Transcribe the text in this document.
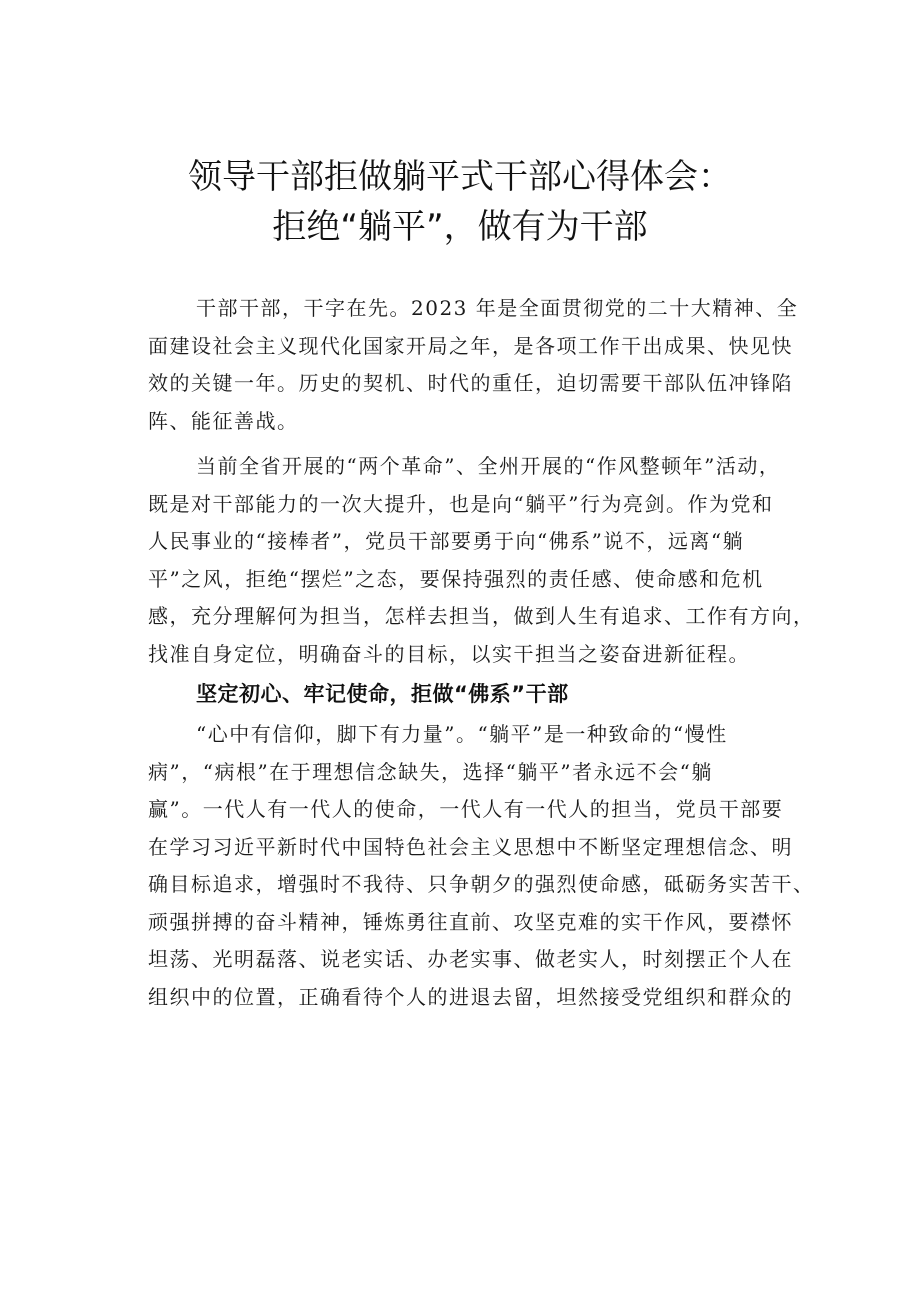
领导干部拒做躺平式干部心得体会：
拒绝“躺平”，做有为干部
干部干部，干字在先。2023 年是全面贯彻党的二十大精神、全
面建设社会主义现代化国家开局之年，是各项工作干出成果、快见快
效的关键一年。历史的契机、时代的重任，迫切需要干部队伍冲锋陷
阵、能征善战。
当前全省开展的“两个革命”、全州开展的“作风整顿年”活动，
既是对干部能力的一次大提升，也是向“躺平”行为亮剑。作为党和
人民事业的“接棒者”，党员干部要勇于向“佛系”说不，远离“躺
平”之风，拒绝“摆烂”之态，要保持强烈的责任感、使命感和危机
感，充分理解何为担当，怎样去担当，做到人生有追求、工作有方向，
找准自身定位，明确奋斗的目标，以实干担当之姿奋进新征程。
坚定初心、牢记使命，拒做“佛系”干部
“心中有信仰，脚下有力量”。“躺平”是一种致命的“慢性
病”，“病根”在于理想信念缺失，选择“躺平”者永远不会“躺
赢”。一代人有一代人的使命，一代人有一代人的担当，党员干部要
在学习习近平新时代中国特色社会主义思想中不断坚定理想信念、明
确目标追求，增强时不我待、只争朝夕的强烈使命感，砥砺务实苦干、
顽强拼搏的奋斗精神，锤炼勇往直前、攻坚克难的实干作风，要襟怀
坦荡、光明磊落、说老实话、办老实事、做老实人，时刻摆正个人在
组织中的位置，正确看待个人的进退去留，坦然接受党组织和群众的
